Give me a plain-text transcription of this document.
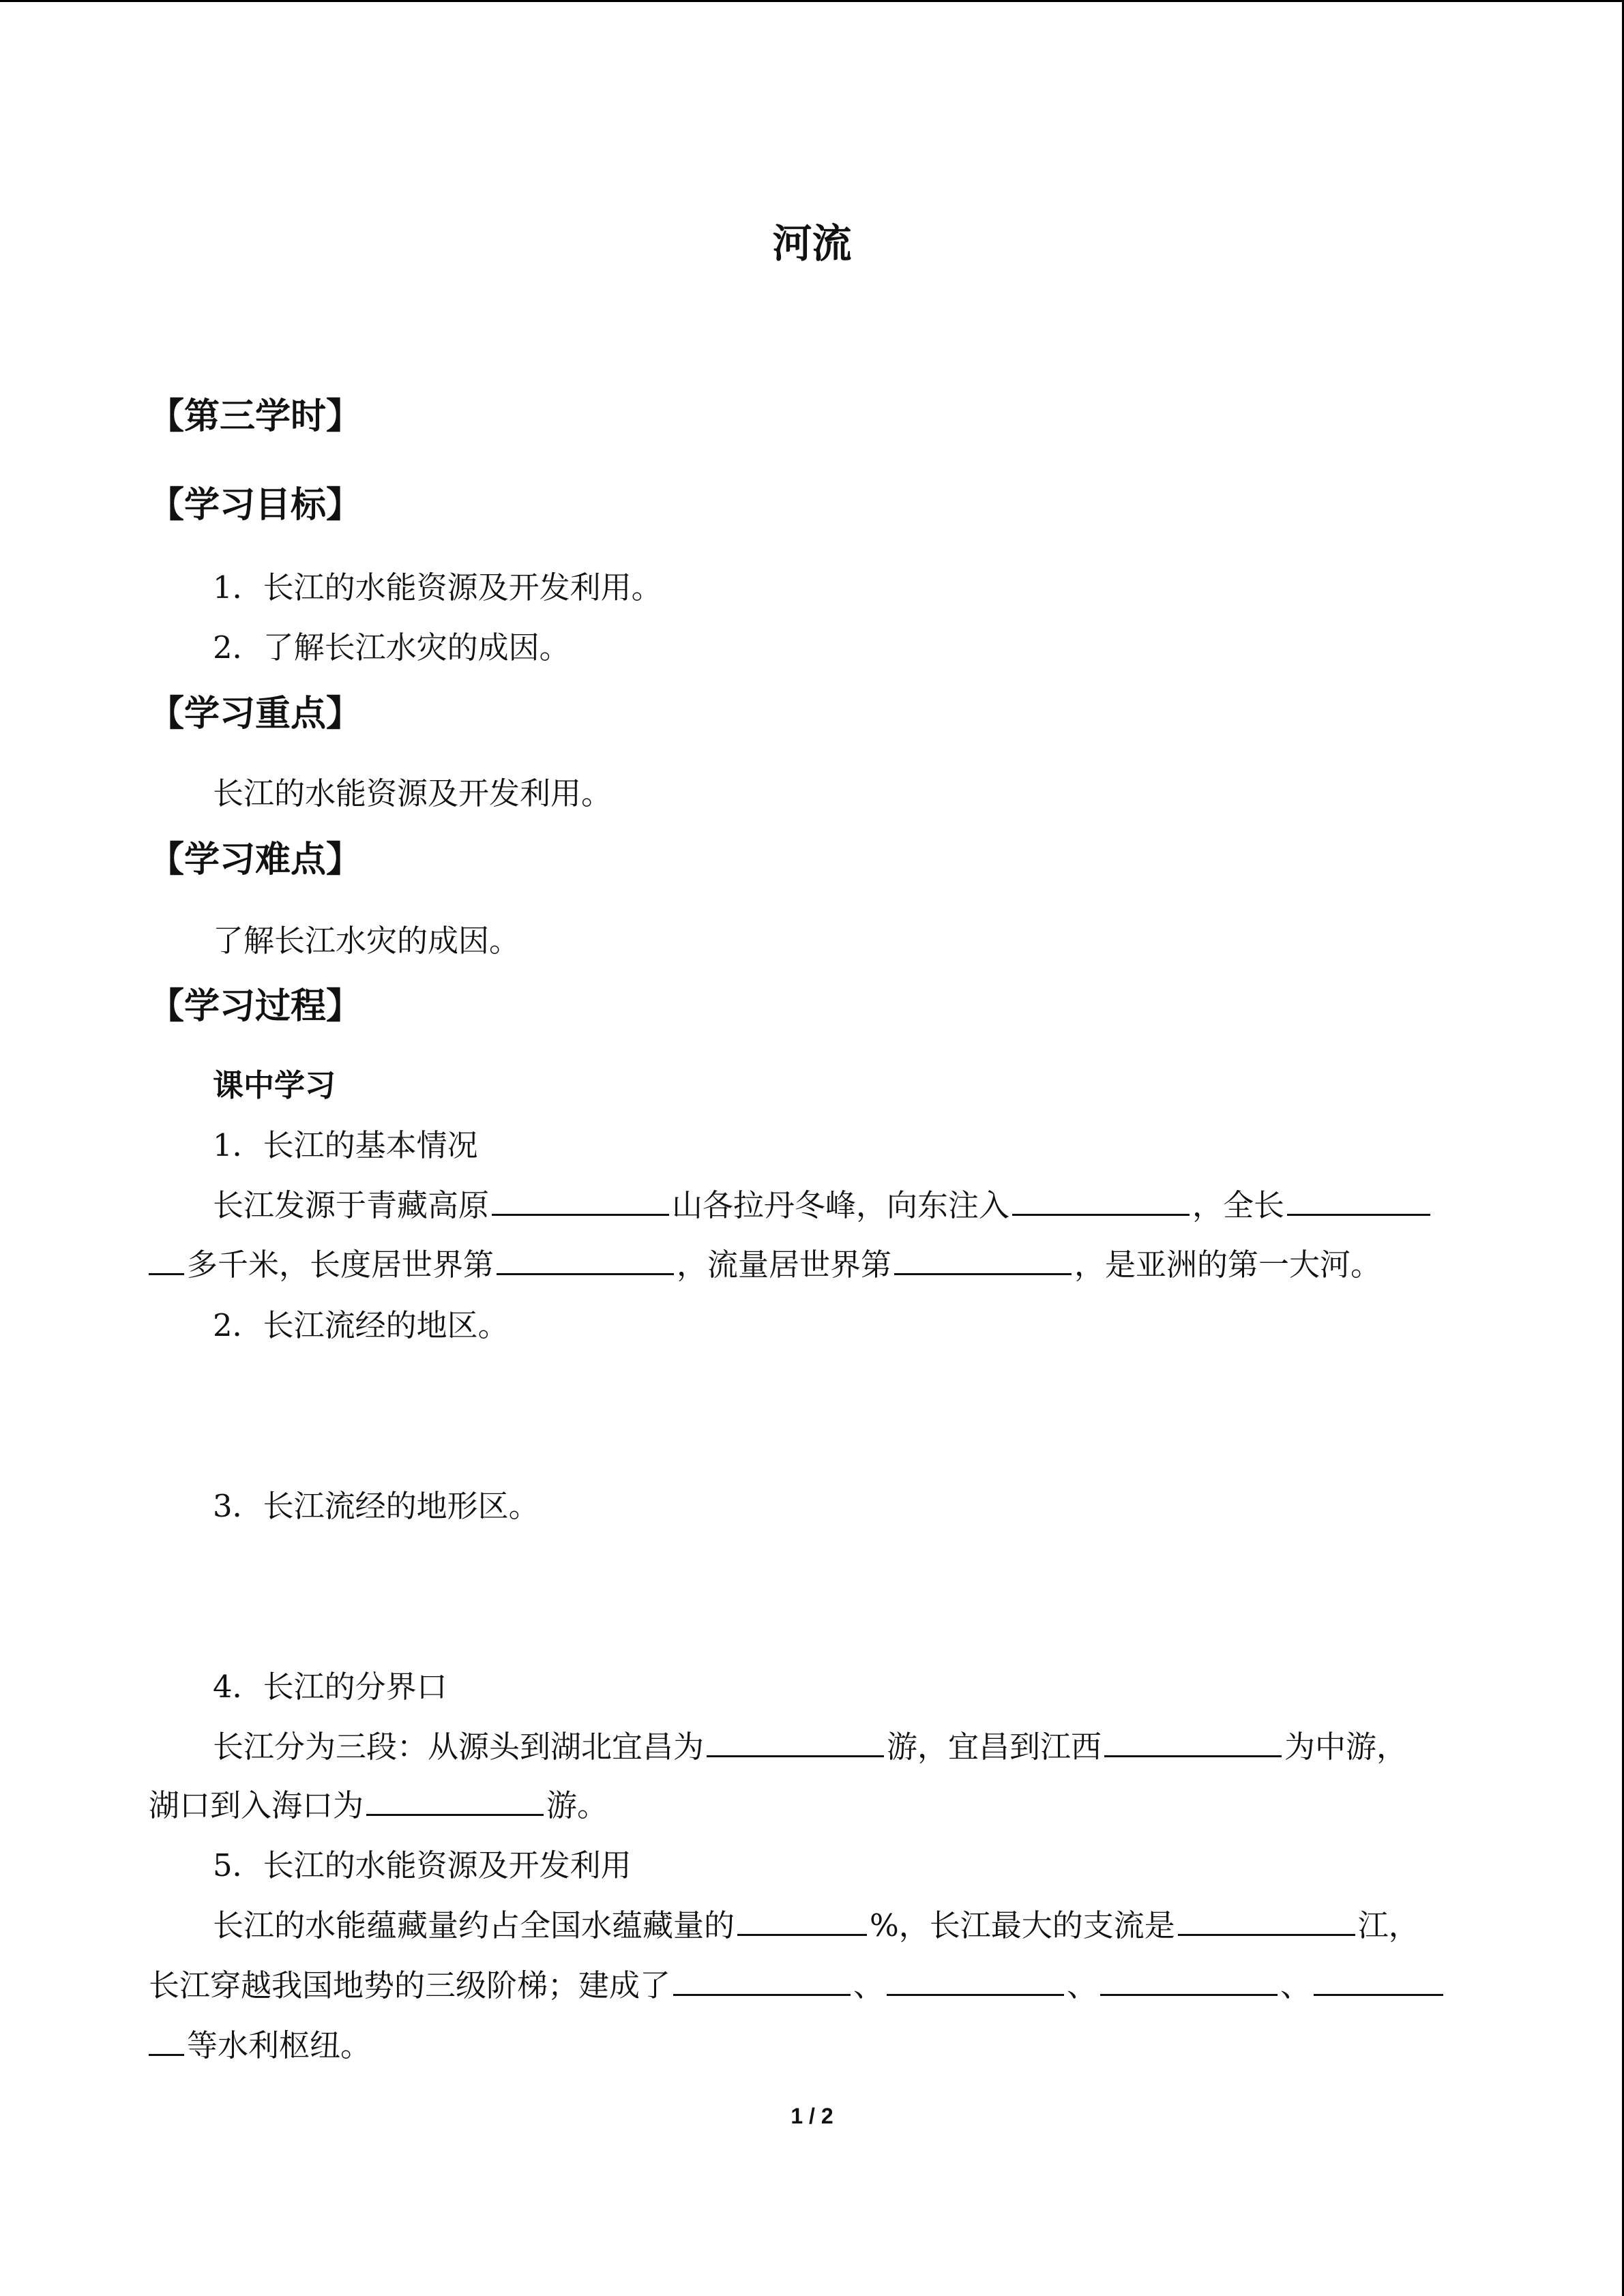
河流
【第三学时】
【学习目标】
1．长江的水能资源及开发利用。
2．了解长江水灾的成因。
【学习重点】
长江的水能资源及开发利用。
【学习难点】
了解长江水灾的成因。
【学习过程】
课中学习
1．长江的基本情况
长江发源于青藏高原	山各拉丹冬峰，向东注入	，全长
多千米，长度居世界第	，流量居世界第	，是亚洲的第一大河。
2．长江流经的地区。
3．长江流经的地形区。
4．长江的分界口
长江分为三段：从源头到湖北宜昌为	游，宜昌到江西	为中游，
湖口到入海口为	游。
5．长江的水能资源及开发利用
长江的水能蕴藏量约占全国水蕴藏量的	%，长江最大的支流是	江，
长江穿越我国地势的三级阶梯；建成了	、	、	、
等水利枢纽。
1 / 2
